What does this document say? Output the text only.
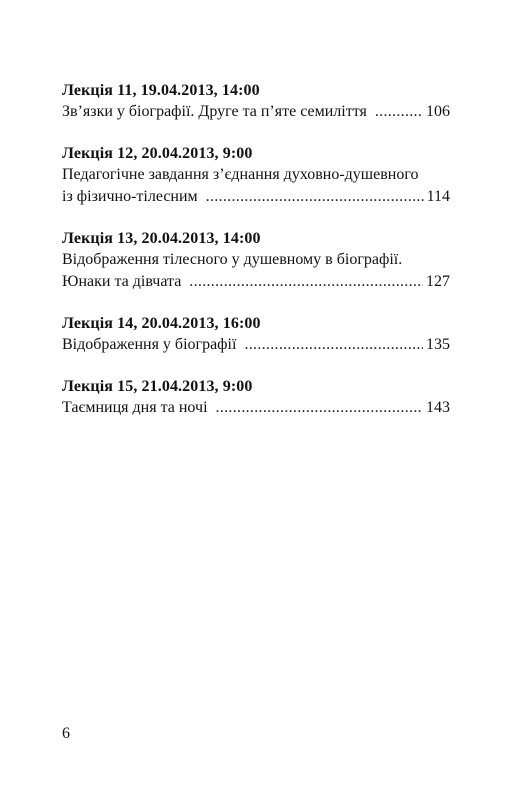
Лекція 11, 19.04.2013, 14:00
Зв’язки у біографії. Друге та п’яте семиліття .....	106
Лекція 12, 20.04.2013, 9:00
Педагогічне завдання з’єднання духовно-душевного
із фізично-тілесним .....	114
Лекція 13, 20.04.2013, 14:00
Відображення тілесного у душевному в біографії.
Юнаки та дівчата .....	127
Лекція 14, 20.04.2013, 16:00
Відображення у біографії .....	135
Лекція 15, 21.04.2013, 9:00
Таємниця дня та ночі .....	143
6
